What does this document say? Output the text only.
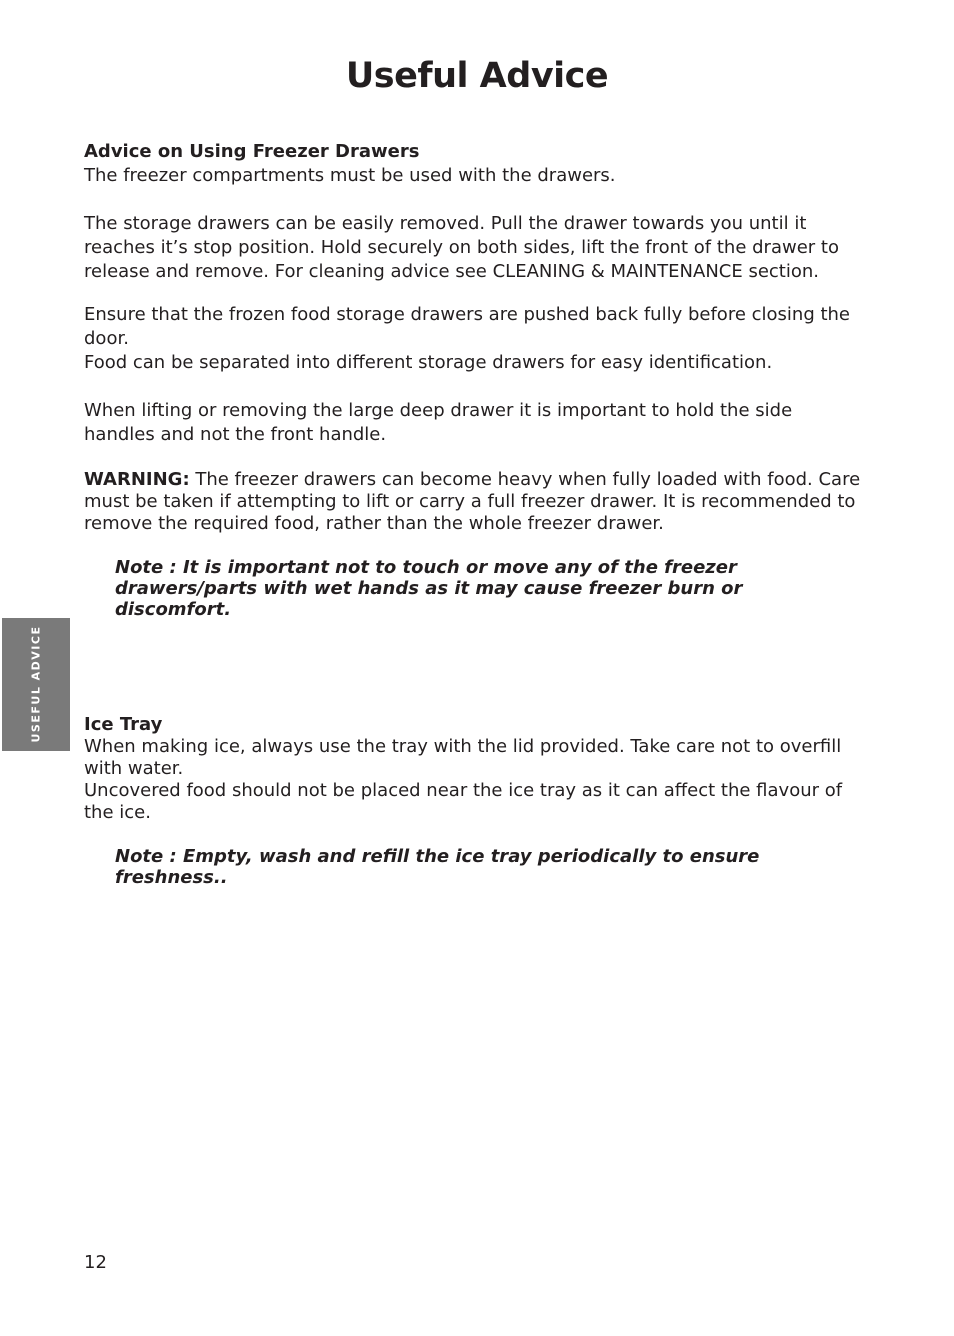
Useful Advice

Advice on Using Freezer Drawers

The freezer compartments must be used with the drawers.

The storage drawers can be easily removed. Pull the drawer towards you until it reaches it’s stop position. Hold securely on both sides, lift the front of the drawer to release and remove. For cleaning advice see CLEANING & MAINTENANCE section.

Ensure that the frozen food storage drawers are pushed back fully before closing the door.

Food can be separated into different storage drawers for easy identification.

When lifting or removing the large deep drawer it is important to hold the side handles and not the front handle.

WARNING: The freezer drawers can become heavy when fully loaded with food. Care must be taken if attempting to lift or carry a full freezer drawer. It is recommended to remove the required food, rather than the whole freezer drawer.

Note : It is important not to touch or move any of the freezer drawers/parts with wet hands as it may cause freezer burn or discomfort.

USEFUL ADVICE Ice Tray

When making ice, always use the tray with the lid provided. Take care not to overfill with water.

Uncovered food should not be placed near the ice tray as it can affect the flavour of the ice.

Note : Empty, wash and refill the ice tray periodically to ensure freshness..

12
